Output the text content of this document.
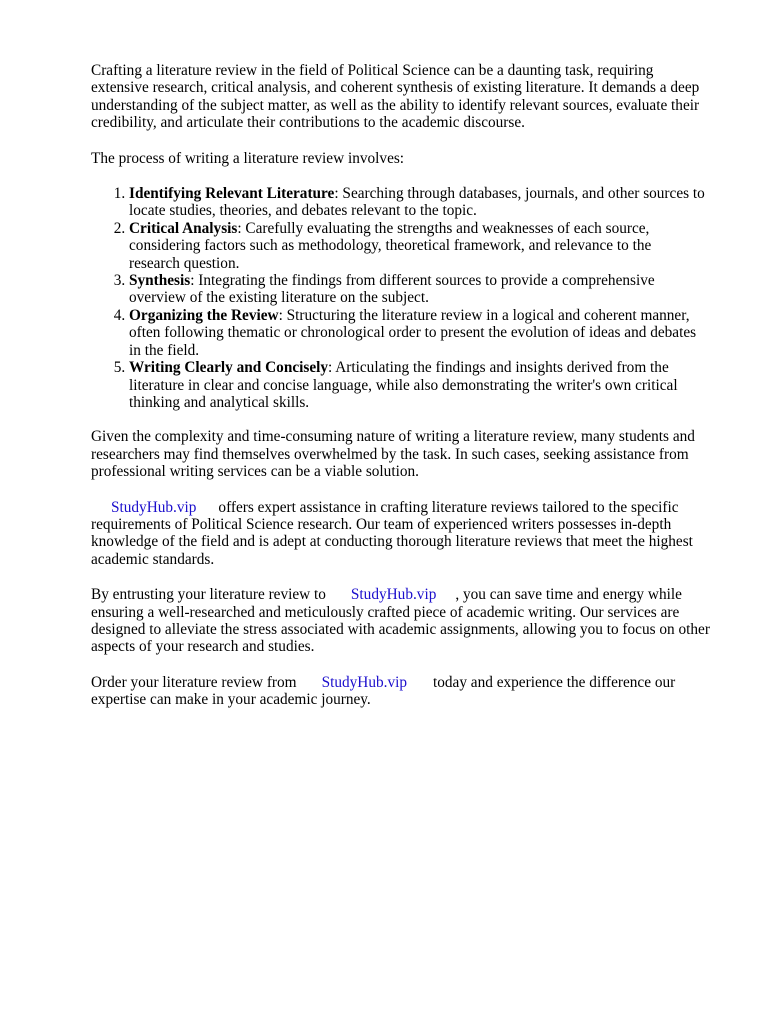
Crafting a literature review in the field of Political Science can be a daunting task, requiring
extensive research, critical analysis, and coherent synthesis of existing literature. It demands a deep
understanding of the subject matter, as well as the ability to identify relevant sources, evaluate their
credibility, and articulate their contributions to the academic discourse.

The process of writing a literature review involves:

1. Identifying Relevant Literature: Searching through databases, journals, and other sources to
locate studies, theories, and debates relevant to the topic.
2. Critical Analysis: Carefully evaluating the strengths and weaknesses of each source,
considering factors such as methodology, theoretical framework, and relevance to the
research question.
3. Synthesis: Integrating the findings from different sources to provide a comprehensive
overview of the existing literature on the subject.
4. Organizing the Review: Structuring the literature review in a logical and coherent manner,
often following thematic or chronological order to present the evolution of ideas and debates
in the field.
5. Writing Clearly and Concisely: Articulating the findings and insights derived from the
literature in clear and concise language, while also demonstrating the writer's own critical
thinking and analytical skills.

Given the complexity and time-consuming nature of writing a literature review, many students and
researchers may find themselves overwhelmed by the task. In such cases, seeking assistance from
professional writing services can be a viable solution.

StudyHub.vip offers expert assistance in crafting literature reviews tailored to the specific
requirements of Political Science research. Our team of experienced writers possesses in-depth
knowledge of the field and is adept at conducting thorough literature reviews that meet the highest
academic standards.

By entrusting your literature review to StudyHub.vip , you can save time and energy while
ensuring a well-researched and meticulously crafted piece of academic writing. Our services are
designed to alleviate the stress associated with academic assignments, allowing you to focus on other
aspects of your research and studies.

Order your literature review from StudyHub.vip today and experience the difference our
expertise can make in your academic journey.
